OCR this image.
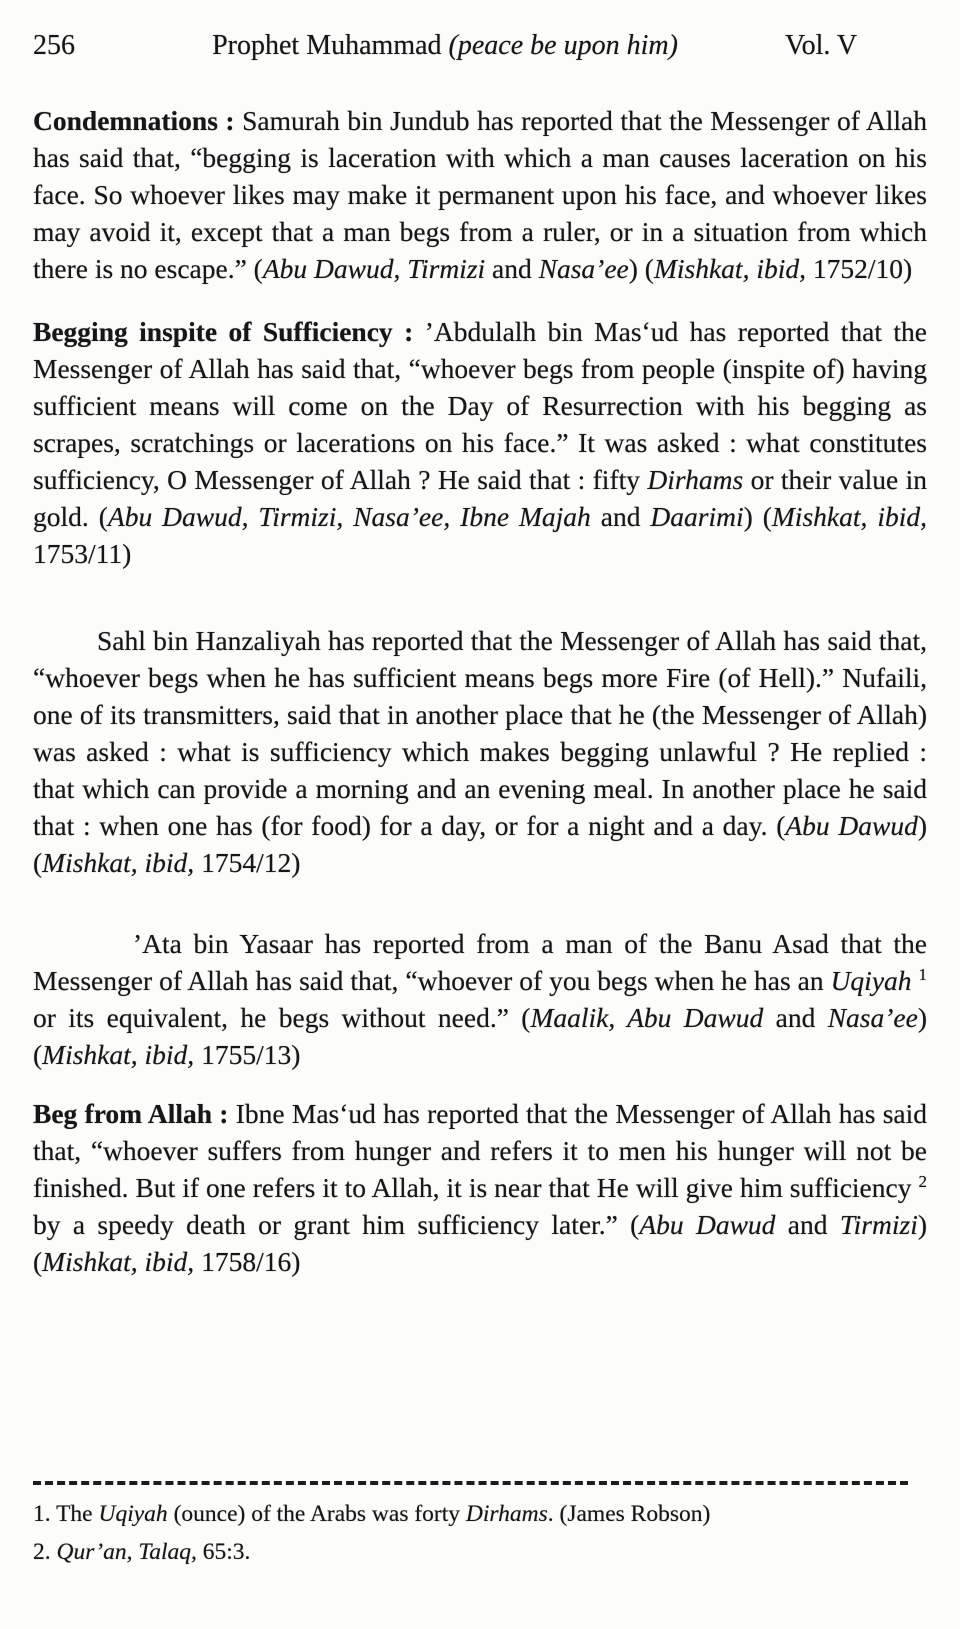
256	Prophet Muhammad (peace be upon him)	Vol. V

Condemnations : Samurah bin Jundub has reported that the Messenger of Allah has said that, “begging is laceration with which a man causes laceration on his face. So whoever likes may make it permanent upon his face, and whoever likes may avoid it, except that a man begs from a ruler, or in a situation from which there is no escape.” (Abu Dawud, Tirmizi and Nasa’ee) (Mishkat, ibid, 1752/10)

Begging inspite of Sufficiency : ’Abdulalh bin Mas‘ud has reported that the Messenger of Allah has said that, “whoever begs from people (inspite of) having sufficient means will come on the Day of Resurrection with his begging as scrapes, scratchings or lacerations on his face.” It was asked : what constitutes sufficiency, O Messenger of Allah ? He said that : fifty Dirhams or their value in gold. (Abu Dawud, Tirmizi, Nasa’ee, Ibne Majah and Daarimi) (Mishkat, ibid, 1753/11)

Sahl bin Hanzaliyah has reported that the Messenger of Allah has said that, “whoever begs when he has sufficient means begs more Fire (of Hell).” Nufaili, one of its transmitters, said that in another place that he (the Messenger of Allah) was asked : what is sufficiency which makes begging unlawful ? He replied : that which can provide a morning and an evening meal. In another place he said that : when one has (for food) for a day, or for a night and a day. (Abu Dawud) (Mishkat, ibid, 1754/12)

’Ata bin Yasaar has reported from a man of the Banu Asad that the Messenger of Allah has said that, “whoever of you begs when he has an Uqiyah $^1$ or its equivalent, he begs without need.” (Maalik, Abu Dawud and Nasa’ee) (Mishkat, ibid, 1755/13)

Beg from Allah : Ibne Mas‘ud has reported that the Messenger of Allah has said that, “whoever suffers from hunger and refers it to men his hunger will not be finished. But if one refers it to Allah, it is near that He will give him sufficiency $^2$ by a speedy death or grant him sufficiency later.” (Abu Dawud and Tirmizi) (Mishkat, ibid, 1758/16)

1. The Uqiyah (ounce) of the Arabs was forty Dirhams. (James Robson)
2. Qur’an, Talaq, 65:3.
